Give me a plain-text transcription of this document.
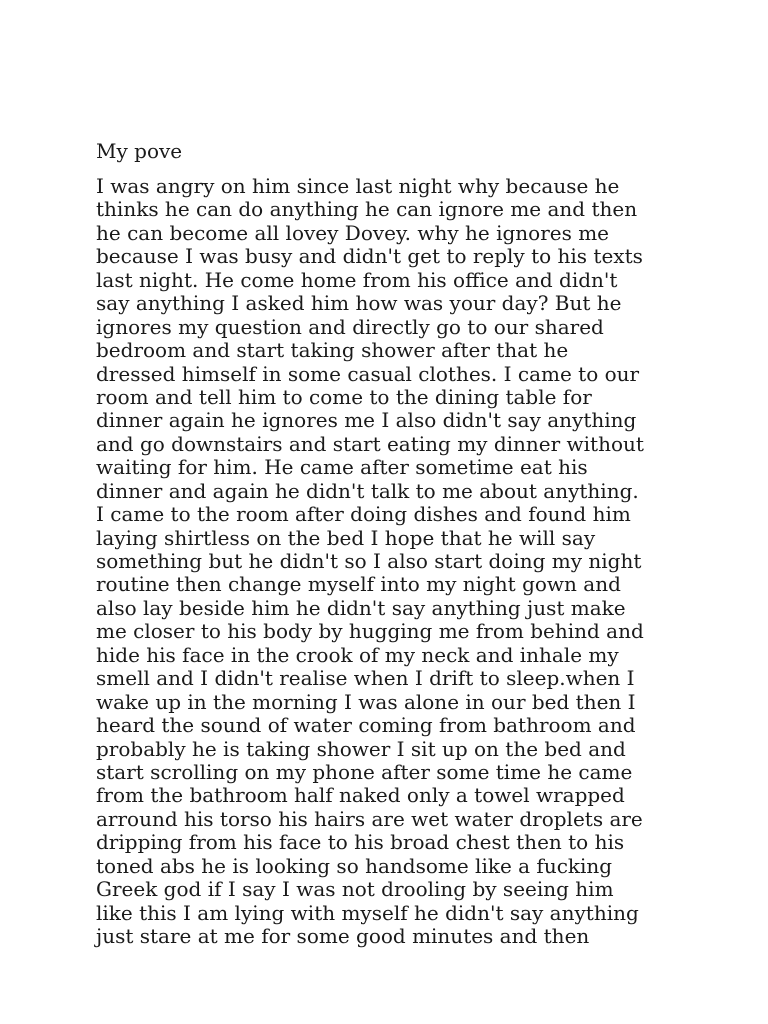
My pove
I was angry on him since last night why because he
thinks he can do anything he can ignore me and then
he can become all lovey Dovey. why he ignores me
because I was busy and didn't get to reply to his texts
last night. He come home from his office and didn't
say anything I asked him how was your day? But he
ignores my question and directly go to our shared
bedroom and start taking shower after that he
dressed himself in some casual clothes. I came to our
room and tell him to come to the dining table for
dinner again he ignores me I also didn't say anything
and go downstairs and start eating my dinner without
waiting for him. He came after sometime eat his
dinner and again he didn't talk to me about anything.
I came to the room after doing dishes and found him
laying shirtless on the bed I hope that he will say
something but he didn't so I also start doing my night
routine then change myself into my night gown and
also lay beside him he didn't say anything just make
me closer to his body by hugging me from behind and
hide his face in the crook of my neck and inhale my
smell and I didn't realise when I drift to sleep.when I
wake up in the morning I was alone in our bed then I
heard the sound of water coming from bathroom and
probably he is taking shower I sit up on the bed and
start scrolling on my phone after some time he came
from the bathroom half naked only a towel wrapped
arround his torso his hairs are wet water droplets are
dripping from his face to his broad chest then to his
toned abs he is looking so handsome like a fucking
Greek god if I say I was not drooling by seeing him
like this I am lying with myself he didn't say anything
just stare at me for some good minutes and then
